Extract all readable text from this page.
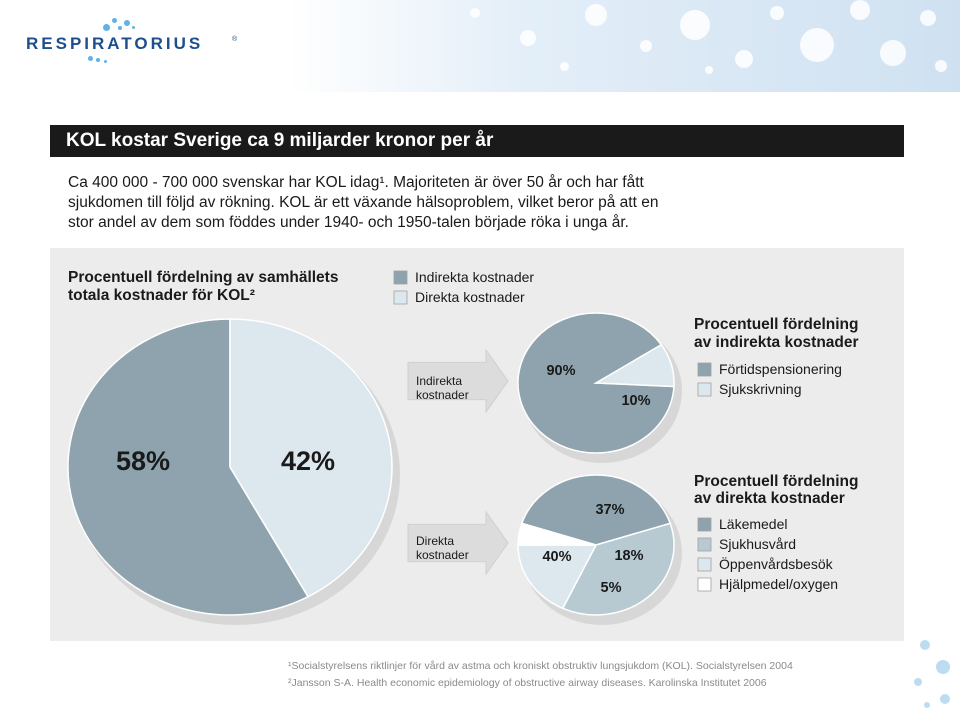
RESPIRATORIUS	®
KOL kostar Sverige ca 9 miljarder kronor per år
Ca 400 000 - 700 000 svenskar har KOL idag¹. Majoriteten är över 50 år och har fått
sjukdomen till följd av rökning. KOL är ett växande hälsoproblem, vilket beror på att en
stor andel av dem som föddes under 1940- och 1950-talen började röka i unga år.
Procentuell fördelning av samhällets
totala kostnader för KOL²
Indirekta kostnader
Direkta kostnader
58%	42%
Indirekta
kostnader
Direkta
kostnader
90%
10%
Procentuell fördelning
av indirekta kostnader
Förtidspensionering
Sjukskrivning
40%
37%
18%
5%
Procentuell fördelning
av direkta kostnader
Läkemedel
Sjukhusvård
Öppenvårdsbesök
Hjälpmedel/oxygen
¹Socialstyrelsens riktlinjer för vård av astma och kroniskt obstruktiv lungsjukdom (KOL). Socialstyrelsen 2004
²Jansson S-A. Health economic epidemiology of obstructive airway diseases. Karolinska Institutet 2006
